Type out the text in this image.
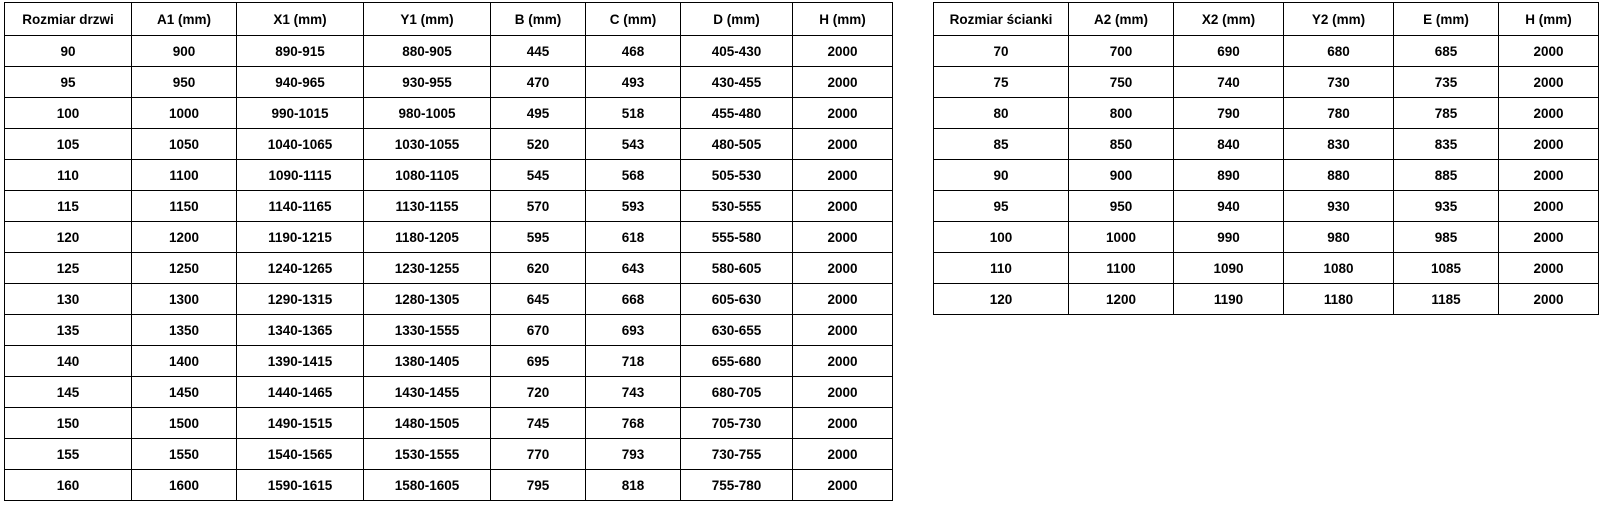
Rozmiar drzwi	A1 (mm)	X1 (mm)	Y1 (mm)	B (mm)	C (mm)	D (mm)	H (mm)
90	900	890-915	880-905	445	468	405-430	2000
95	950	940-965	930-955	470	493	430-455	2000
100	1000	990-1015	980-1005	495	518	455-480	2000
105	1050	1040-1065	1030-1055	520	543	480-505	2000
110	1100	1090-1115	1080-1105	545	568	505-530	2000
115	1150	1140-1165	1130-1155	570	593	530-555	2000
120	1200	1190-1215	1180-1205	595	618	555-580	2000
125	1250	1240-1265	1230-1255	620	643	580-605	2000
130	1300	1290-1315	1280-1305	645	668	605-630	2000
135	1350	1340-1365	1330-1555	670	693	630-655	2000
140	1400	1390-1415	1380-1405	695	718	655-680	2000
145	1450	1440-1465	1430-1455	720	743	680-705	2000
150	1500	1490-1515	1480-1505	745	768	705-730	2000
155	1550	1540-1565	1530-1555	770	793	730-755	2000
160	1600	1590-1615	1580-1605	795	818	755-780	2000
Rozmiar ścianki	A2 (mm)	X2 (mm)	Y2 (mm)	E (mm)	H (mm)
70	700	690	680	685	2000
75	750	740	730	735	2000
80	800	790	780	785	2000
85	850	840	830	835	2000
90	900	890	880	885	2000
95	950	940	930	935	2000
100	1000	990	980	985	2000
110	1100	1090	1080	1085	2000
120	1200	1190	1180	1185	2000
